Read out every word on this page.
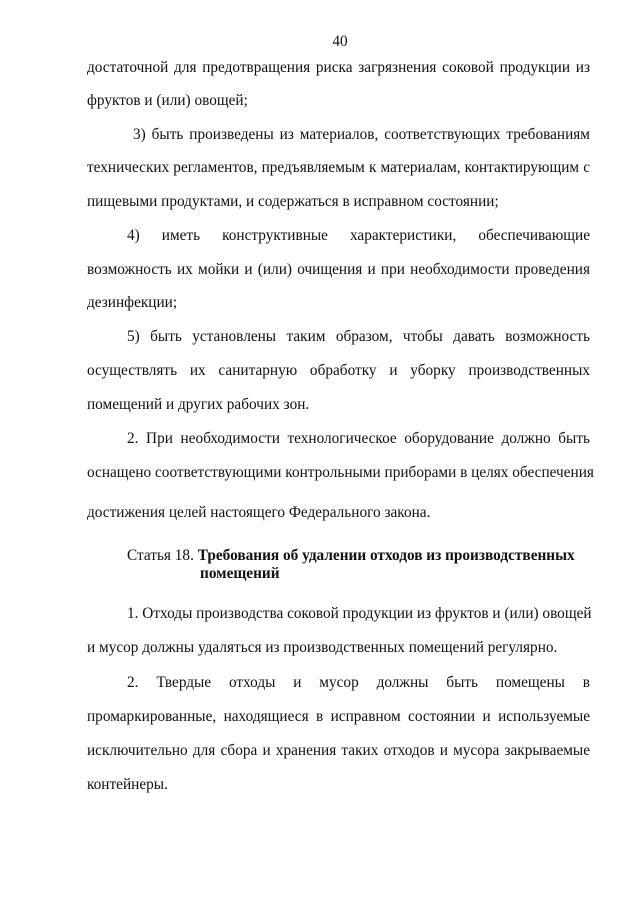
40
достаточной для предотвращения риска загрязнения соковой продукции из
фруктов и (или) овощей;
3) быть произведены из материалов, соответствующих требованиям
технических регламентов, предъявляемым к материалам, контактирующим с
пищевыми продуктами, и содержаться в исправном состоянии;
4) иметь конструктивные характеристики, обеспечивающие
возможность их мойки и (или) очищения и при необходимости проведения
дезинфекции;
5) быть установлены таким образом, чтобы давать возможность
осуществлять их санитарную обработку и уборку производственных
помещений и других рабочих зон.
2. При необходимости технологическое оборудование должно быть
оснащено соответствующими контрольными приборами в целях обеспечения
достижения целей настоящего Федерального закона.
Статья 18. Требования об удалении отходов из производственных
помещений
1. Отходы производства соковой продукции из фруктов и (или) овощей
и мусор должны удаляться из производственных помещений регулярно.
2. Твердые отходы и мусор должны быть помещены в
промаркированные, находящиеся в исправном состоянии и используемые
исключительно для сбора и хранения таких отходов и мусора закрываемые
контейнеры.
